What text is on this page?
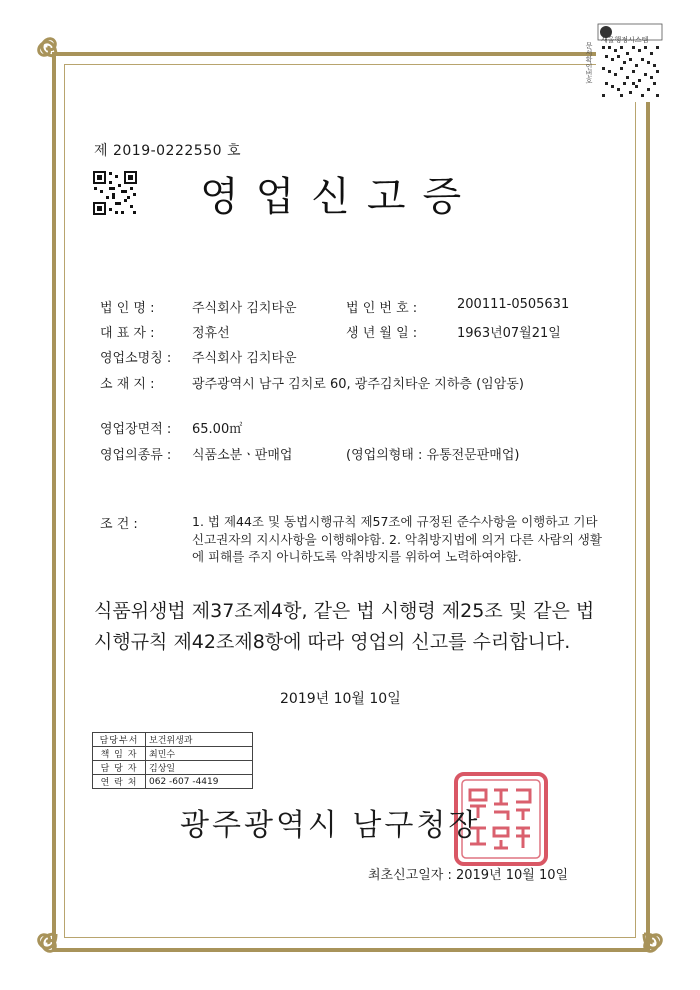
새올행정시스템
문서확인번호
제 2019-0222550 호
영업신고증
법 인 명 :	주식회사 김치타운	법 인 번 호 :	200111-0505631
대 표 자 :	정휴선	생 년 월 일 :	1963년07월21일
영업소명칭 : 주식회사 김치타운
소 재 지 :	광주광역시 남구 김치로 60, 광주김치타운 지하층 (임암동)
영업장면적 : 65.00㎡
영업의종류 : 식품소분ㆍ판매업	(영업의형태 : 유통전문판매업)
조 건 :	1. 법 제44조 및 동법시행규칙 제57조에 규정된 준수사항을 이행하고 기타 신고권자의 지시사항을 이행해야함. 2. 악취방지법에 의거 다른 사람의 생활에 피해를 주지 아니하도록 악취방지를 위하여 노력하여야함.
식품위생법 제37조제4항, 같은 법 시행령 제25조 및 같은 법 시행규칙 제42조제8항에 따라 영업의 신고를 수리합니다.
2019년 10월 10일
담당부서	보건위생과
책 임 자	최민수
담 당 자	김상일
연 락 처	062 -607 -4419
광주광역시 남구청장
최초신고일자 : 2019년 10월 10일
